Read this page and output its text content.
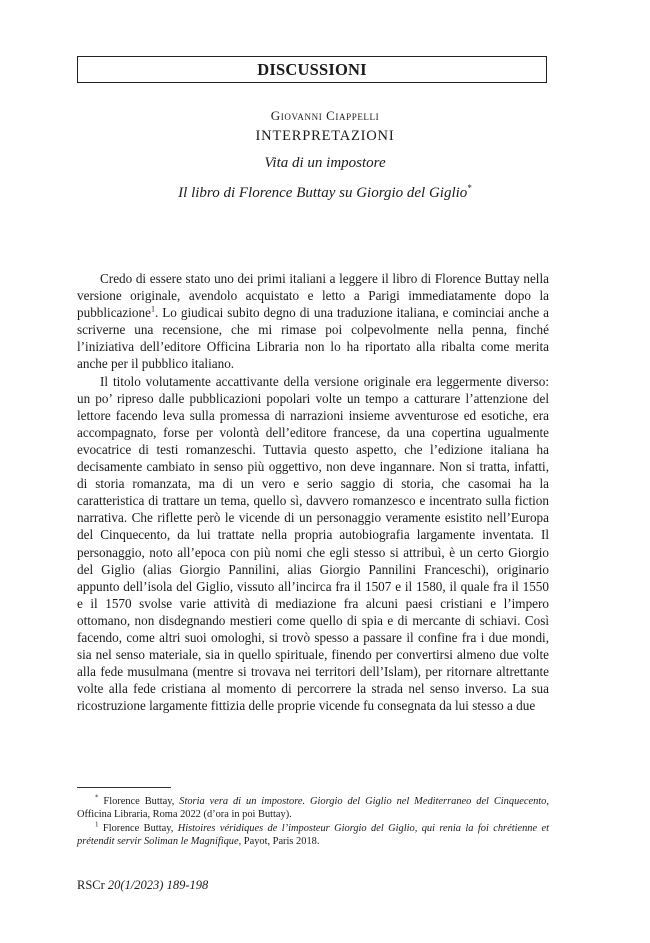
DISCUSSIONI
Giovanni Ciappelli
INTERPRETAZIONI
Vita di un impostore
Il libro di Florence Buttay su Giorgio del Giglio*

Credo di essere stato uno dei primi italiani a leggere il libro di Florence Buttay nella versione originale, avendolo acquistato e letto a Parigi immediatamente dopo la pubblicazione$^1$. Lo giudicai subito degno di una traduzione italiana, e cominciai anche a scriverne una recensione, che mi rimase poi colpevolmente nella penna, finché l’iniziativa dell’editore Officina Libraria non lo ha riportato alla ribalta come merita anche per il pubblico italiano.

Il titolo volutamente accattivante della versione originale era leggermente diverso: un po’ ripreso dalle pubblicazioni popolari volte un tempo a catturare l’attenzione del lettore facendo leva sulla promessa di narrazioni insieme avventurose ed esotiche, era accompagnato, forse per volontà dell’editore francese, da una copertina ugualmente evocatrice di testi romanzeschi. Tuttavia questo aspetto, che l’edizione italiana ha decisamente cambiato in senso più oggettivo, non deve ingannare. Non si tratta, infatti, di storia romanzata, ma di un vero e serio saggio di storia, che casomai ha la caratteristica di trattare un tema, quello sì, davvero romanzesco e incentrato sulla fiction narrativa. Che riflette però le vicende di un personaggio veramente esistito nell’Europa del Cinquecento, da lui trattate nella propria autobiografia largamente inventata. Il personaggio, noto all’epoca con più nomi che egli stesso si attribuì, è un certo Giorgio del Giglio (alias Giorgio Pannilini, alias Giorgio Pannilini Franceschi), originario appunto dell’isola del Giglio, vissuto all’incirca fra il 1507 e il 1580, il quale fra il 1550 e il 1570 svolse varie attività di mediazione fra alcuni paesi cristiani e l’impero ottomano, non disdegnando mestieri come quello di spia e di mercante di schiavi. Così facendo, come altri suoi omologhi, si trovò spesso a passare il confine fra i due mondi, sia nel senso materiale, sia in quello spirituale, finendo per convertirsi almeno due volte alla fede musulmana (mentre si trovava nei territori dell’Islam), per ritornare altrettante volte alla fede cristiana al momento di percorrere la strada nel senso inverso. La sua ricostruzione largamente fittizia delle proprie vicende fu consegnata da lui stesso a due

* Florence Buttay, Storia vera di un impostore. Giorgio del Giglio nel Mediterraneo del Cinquecento, Officina Libraria, Roma 2022 (d’ora in poi Buttay).

$^1$ Florence Buttay, Histoires véridiques de l’imposteur Giorgio del Giglio, qui renia la foi chrétienne et prétendit servir Soliman le Magnifique, Payot, Paris 2018.

RSCr 20(1/2023) 189-198
